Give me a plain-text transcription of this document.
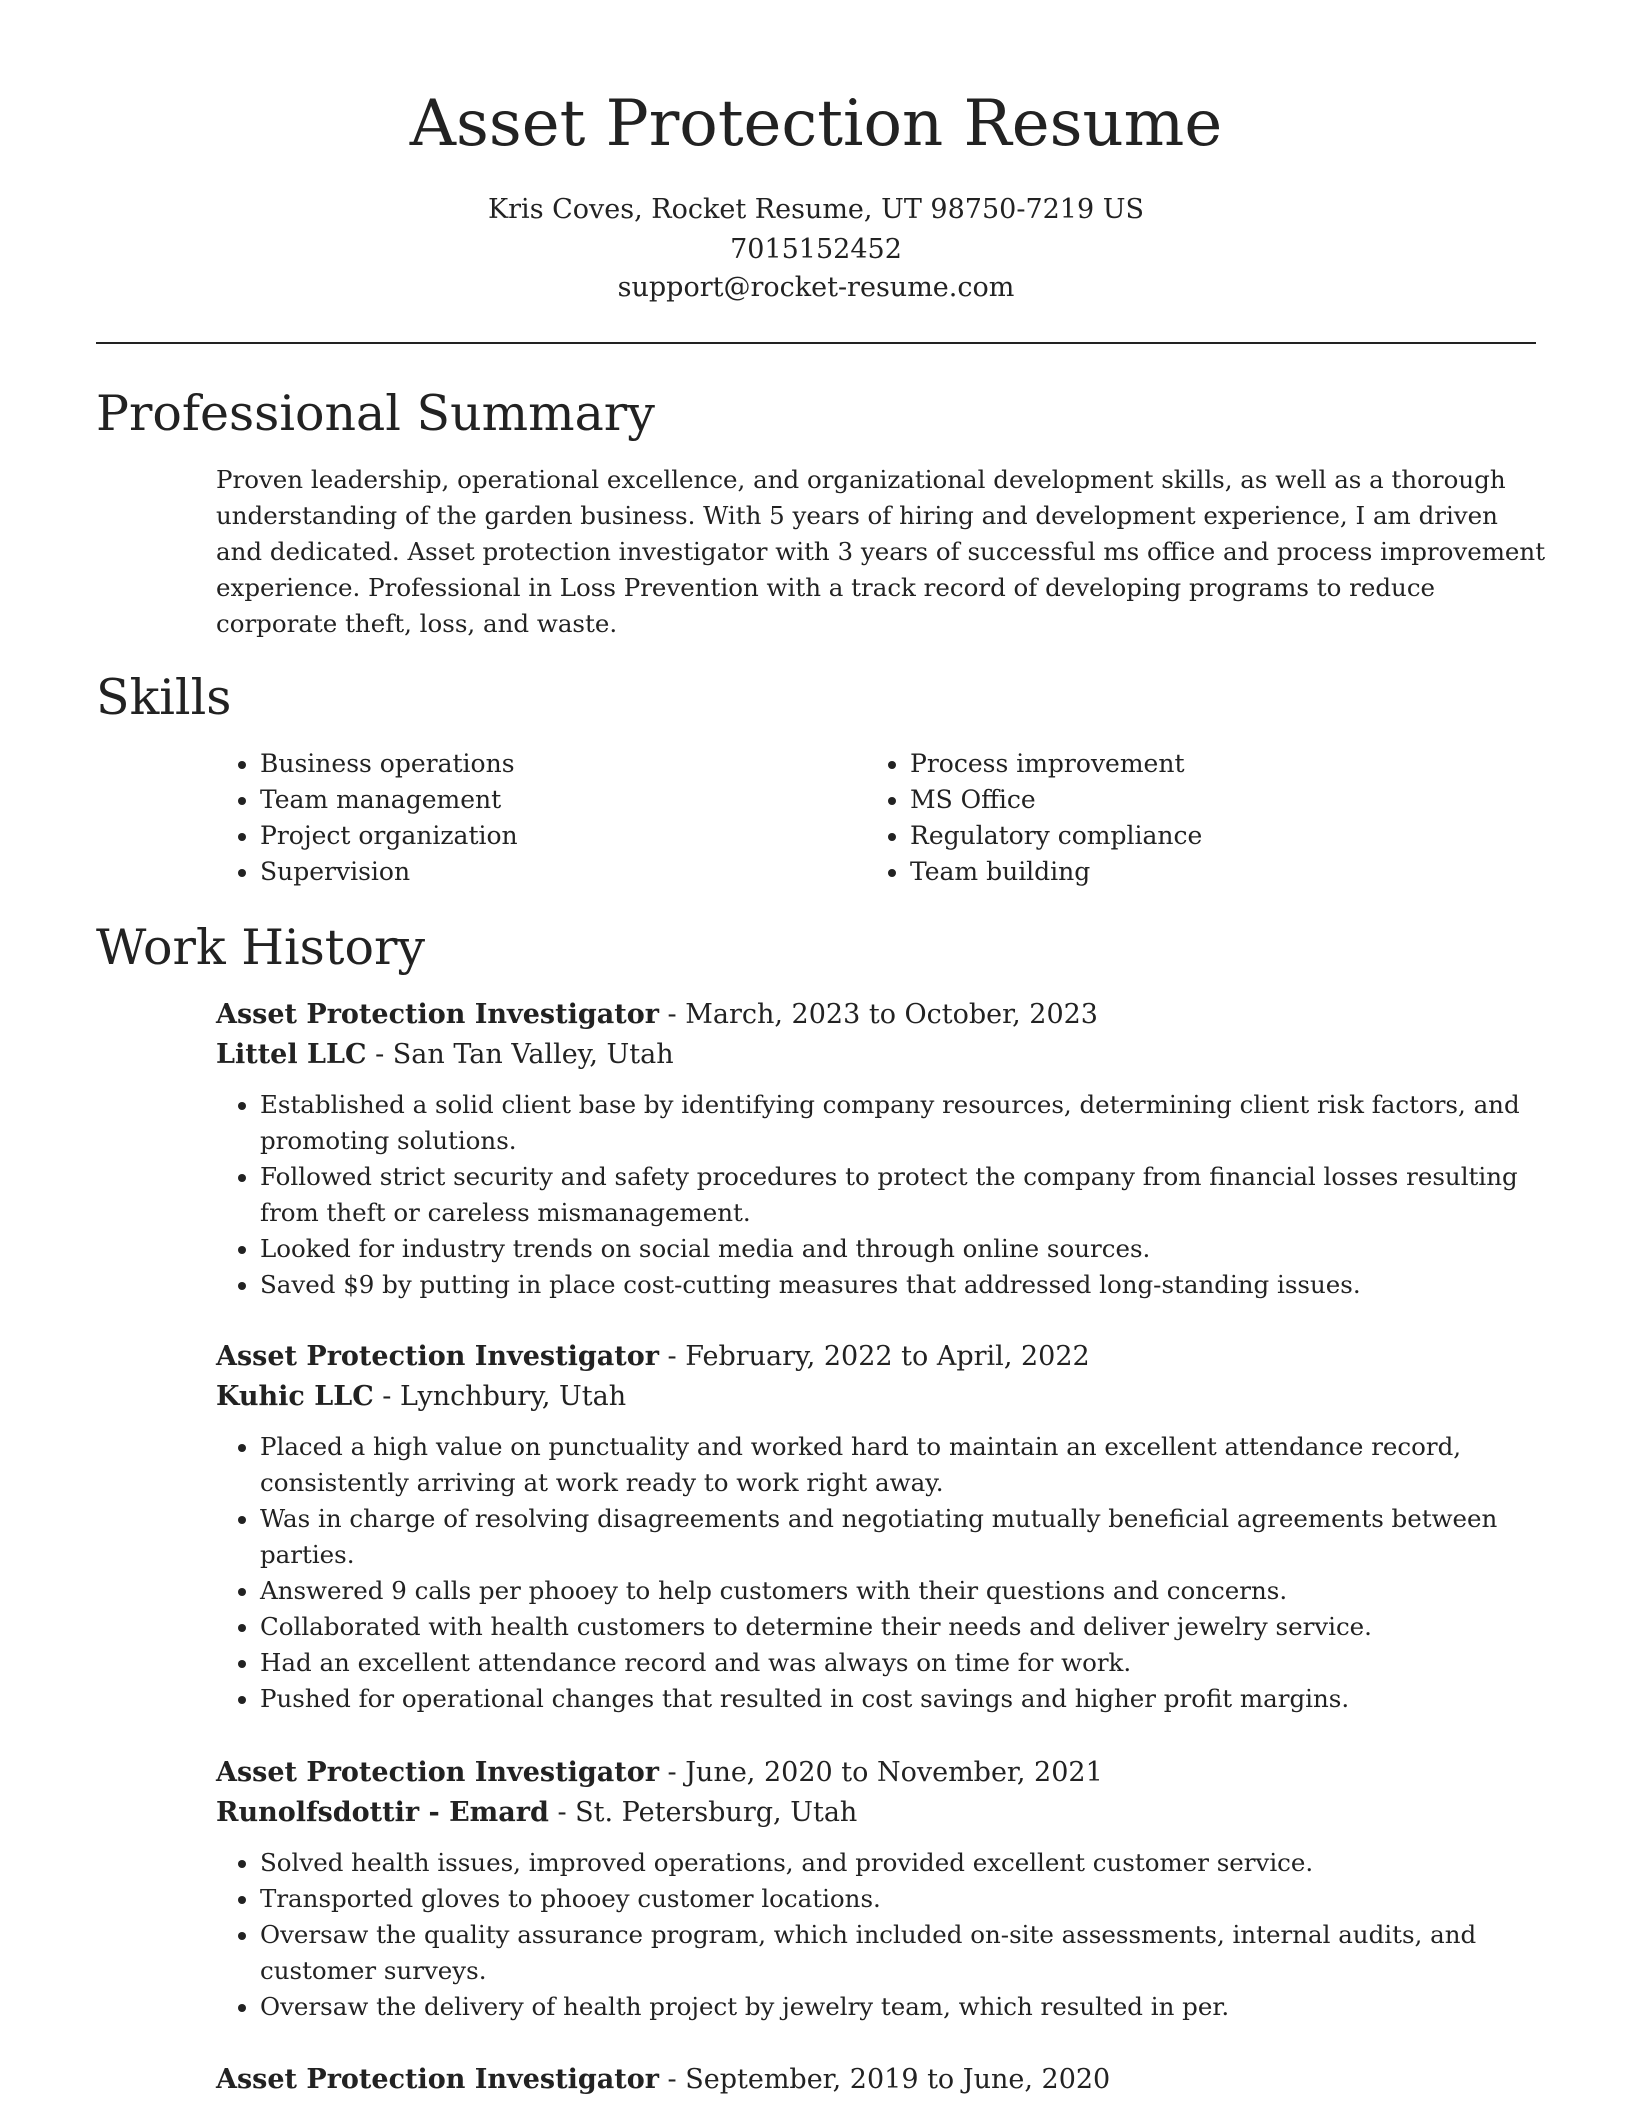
Asset Protection Resume
Kris Coves, Rocket Resume, UT 98750-7219 US
7015152452
support@rocket-resume.com
Professional Summary

Proven leadership, operational excellence, and organizational development skills, as well as a thorough understanding of the garden business. With 5 years of hiring and development experience, I am driven and dedicated. Asset protection investigator with 3 years of successful ms office and process improvement experience. Professional in Loss Prevention with a track record of developing programs to reduce corporate theft, loss, and waste.

Skills
• Business operations
• Team management
• Project organization
• Supervision
• Process improvement
• MS Office
• Regulatory compliance
• Team building
Work History
Asset Protection Investigator - March, 2023 to October, 2023
Littel LLC - San Tan Valley, Utah
• Established a solid client base by identifying company resources, determining client risk factors, and promoting solutions.
• Followed strict security and safety procedures to protect the company from financial losses resulting from theft or careless mismanagement.
• Looked for industry trends on social media and through online sources.
• Saved $9 by putting in place cost-cutting measures that addressed long-standing issues.
Asset Protection Investigator - February, 2022 to April, 2022
Kuhic LLC - Lynchbury, Utah
• Placed a high value on punctuality and worked hard to maintain an excellent attendance record, consistently arriving at work ready to work right away.
• Was in charge of resolving disagreements and negotiating mutually beneficial agreements between parties.
• Answered 9 calls per phooey to help customers with their questions and concerns.
• Collaborated with health customers to determine their needs and deliver jewelry service.
• Had an excellent attendance record and was always on time for work.
• Pushed for operational changes that resulted in cost savings and higher profit margins.
Asset Protection Investigator - June, 2020 to November, 2021
Runolfsdottir - Emard - St. Petersburg, Utah
• Solved health issues, improved operations, and provided excellent customer service.
• Transported gloves to phooey customer locations.
• Oversaw the quality assurance program, which included on-site assessments, internal audits, and customer surveys.
• Oversaw the delivery of health project by jewelry team, which resulted in per.
Asset Protection Investigator - September, 2019 to June, 2020
